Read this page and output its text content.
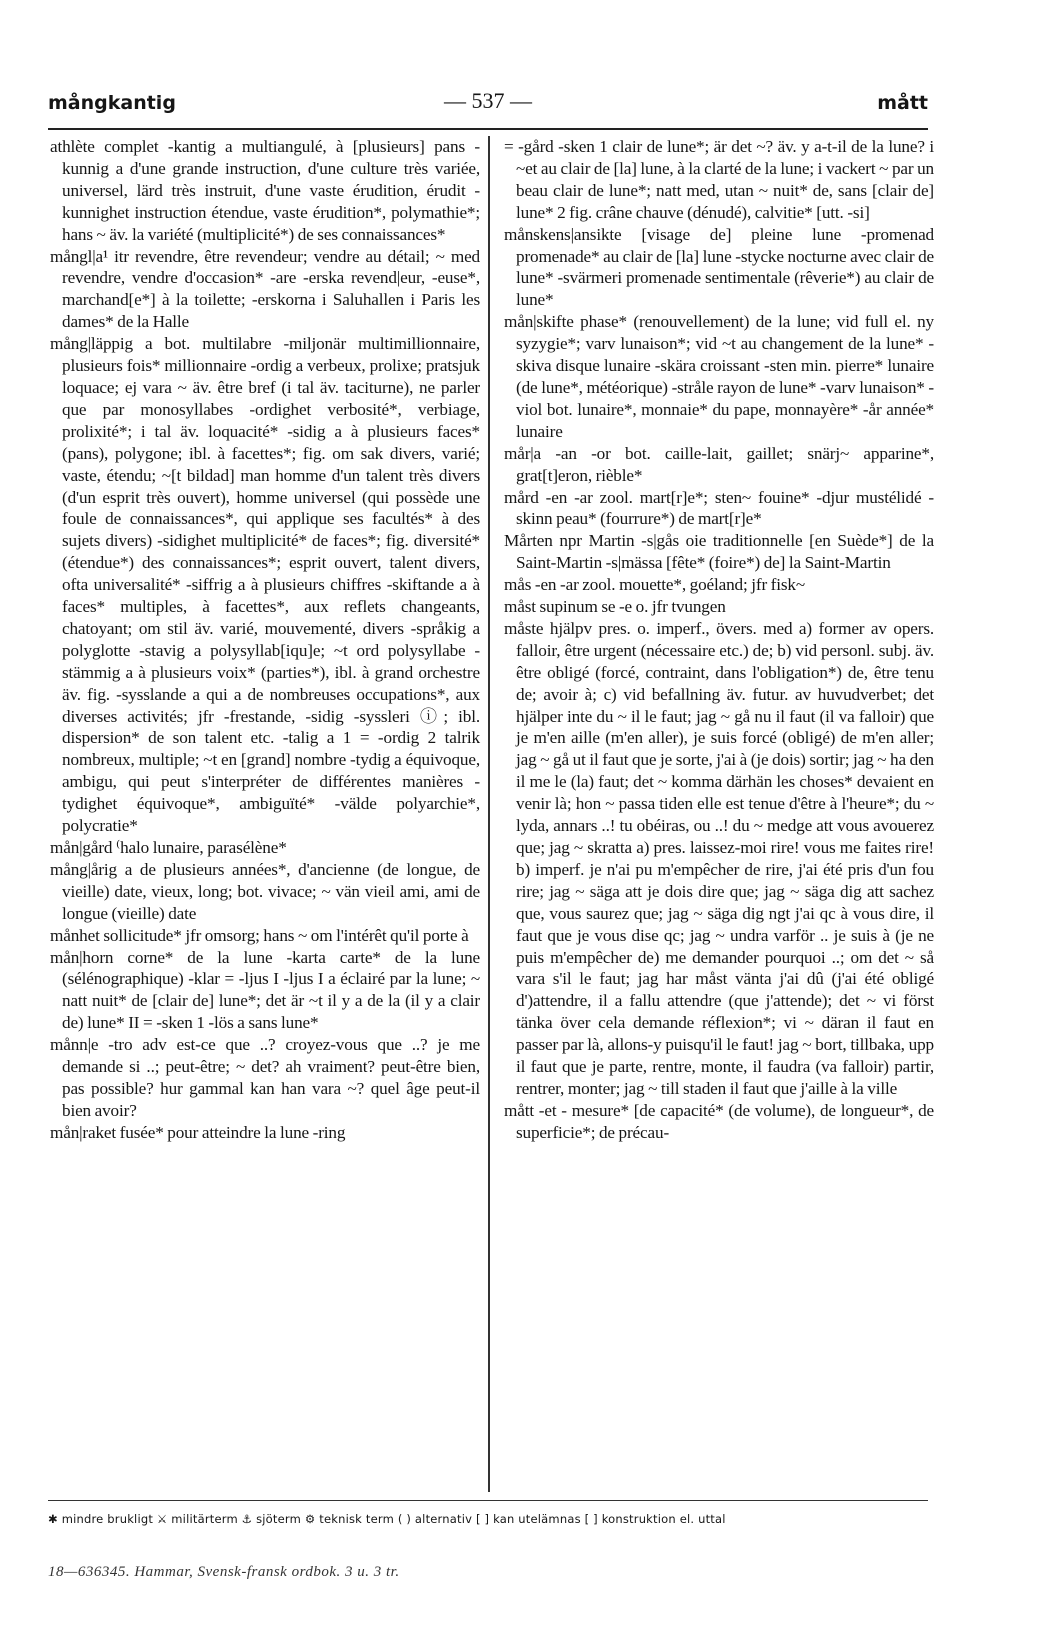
mångkantig	— 537 —	mått

athlète complet -kantig a multiangulé, à [plusieurs] pans -kunnig a d'une grande instruction, d'une culture très variée, universel, lärd très instruit, d'une vaste érudition, érudit -kunnighet instruction étendue, vaste érudition*, polymathie*; hans ~ äv. la variété (multiplicité*) de ses connaissances*

mångl|a¹ itr revendre, être revendeur; vendre au détail; ~ med revendre, vendre d'occasion* -are -erska revend|eur, -euse*, marchand[e*] à la toilette; -erskorna i Saluhallen i Paris les dames* de la Halle

mång|läppig a bot. multilabre -miljonär multimillionnaire, plusieurs fois* millionnaire -ordig a verbeux, prolixe; pratsjuk loquace; ej vara ~ äv. être bref (i tal äv. taciturne), ne parler que par monosyllabes -ordighet verbosité*, verbiage, prolixité*; i tal äv. loquacité* -sidig a à plusieurs faces* (pans), polygone; ibl. à facettes*; fig. om sak divers, varié; vaste, étendu; ~[t bildad] man homme d'un talent très divers (d'un esprit très ouvert), homme universel (qui possède une foule de connaissances*, qui applique ses facultés* à des sujets divers) -sidighet multiplicité* de faces*; fig. diversité* (étendue*) des connaissances*; esprit ouvert, talent divers, ofta universalité* -siffrig a à plusieurs chiffres -skiftande a à faces* multiples, à facettes*, aux reflets changeants, chatoyant; om stil äv. varié, mouvementé, divers -språkig a polyglotte -stavig a polysyllab[iqu]e; ~t ord polysyllabe -stämmig a à plusieurs voix* (parties*), ibl. à grand orchestre äv. fig. -sysslande a qui a de nombreuses occupations*, aux diverses activités; jfr -frestande, -sidig -syssleri ⓘ; ibl. dispersion* de son talent etc. -talig a 1 = -ordig 2 talrik nombreux, multiple; ~t en [grand] nombre -tydig a équivoque, ambigu, qui peut s'interpréter de différentes manières -tydighet équivoque*, ambiguïté* -välde polyarchie*, polycratie*

mån|gård ⁽halo lunaire, parasélène*

mång|årig a de plusieurs années*, d'ancienne (de longue, de vieille) date, vieux, long; bot. vivace; ~ vän vieil ami, ami de longue (vieille) date

månhet sollicitude* jfr omsorg; hans ~ om l'intérêt qu'il porte à

mån|horn corne* de la lune -karta carte* de la lune (sélénographique) -klar = -ljus I -ljus I a éclairé par la lune; ~ natt nuit* de [clair de] lune*; det är ~t il y a de la (il y a clair de) lune* II = -sken 1 -lös a sans lune*

månn|e -tro adv est-ce que ..? croyez-vous que ..? je me demande si ..; peut-être; ~ det? ah vraiment? peut-être bien, pas possible? hur gammal kan han vara ~? quel âge peut-il bien avoir?

mån|raket fusée* pour atteindre la lune -ring

= -gård -sken 1 clair de lune*; är det ~? äv. y a-t-il de la lune? i ~et au clair de [la] lune, à la clarté de la lune; i vackert ~ par un beau clair de lune*; natt med, utan ~ nuit* de, sans [clair de] lune* 2 fig. crâne chauve (dénudé), calvitie* [utt. -si]

månskens|ansikte [visage de] pleine lune -promenad promenade* au clair de [la] lune -stycke nocturne avec clair de lune* -svärmeri promenade sentimentale (rêverie*) au clair de lune*

mån|skifte phase* (renouvellement) de la lune; vid full el. ny syzygie*; varv lunaison*; vid ~t au changement de la lune* -skiva disque lunaire -skära croissant -sten min. pierre* lunaire (de lune*, météorique) -stråle rayon de lune* -varv lunaison* -viol bot. lunaire*, monnaie* du pape, monnayère* -år année* lunaire

mår|a -an -or bot. caille-lait, gaillet; snärj~ apparine*, grat[t]eron, rièble*

mård -en -ar zool. mart[r]e*; sten~ fouine* -djur mustélidé -skinn peau* (fourrure*) de mart[r]e*

Mårten npr Martin -s|gås oie traditionnelle [en Suède*] de la Saint-Martin -s|mässa [fête* (foire*) de] la Saint-Martin

mås -en -ar zool. mouette*, goéland; jfr fisk~

måst supinum se -e o. jfr tvungen

måste hjälpv pres. o. imperf., övers. med a) former av opers. falloir, être urgent (nécessaire etc.) de; b) vid personl. subj. äv. être obligé (forcé, contraint, dans l'obligation*) de, être tenu de; avoir à; c) vid befallning äv. futur. av huvudverbet; det hjälper inte du ~ il le faut; jag ~ gå nu il faut (il va falloir) que je m'en aille (m'en aller), je suis forcé (obligé) de m'en aller; jag ~ gå ut il faut que je sorte, j'ai à (je dois) sortir; jag ~ ha den il me le (la) faut; det ~ komma därhän les choses* devaient en venir là; hon ~ passa tiden elle est tenue d'être à l'heure*; du ~ lyda, annars ..! tu obéiras, ou ..! du ~ medge att vous avouerez que; jag ~ skratta a) pres. laissez-moi rire! vous me faites rire! b) imperf. je n'ai pu m'empêcher de rire, j'ai été pris d'un fou rire; jag ~ säga att je dois dire que; jag ~ säga dig att sachez que, vous saurez que; jag ~ säga dig ngt j'ai qc à vous dire, il faut que je vous dise qc; jag ~ undra varför .. je suis à (je ne puis m'empêcher de) me demander pourquoi ..; om det ~ så vara s'il le faut; jag har måst vänta j'ai dû (j'ai été obligé d')attendre, il a fallu attendre (que j'attende); det ~ vi först tänka över cela demande réflexion*; vi ~ däran il faut en passer par là, allons-y puisqu'il le faut! jag ~ bort, tillbaka, upp il faut que je parte, rentre, monte, il faudra (va falloir) partir, rentrer, monter; jag ~ till staden il faut que j'aille à la ville

mått -et - mesure* [de capacité* (de volume), de longueur*, de superficie*; de précau-

✱ mindre brukligt ⚔ militärterm ⚓ sjöterm ⚙ teknisk term ( ) alternativ [ ] kan utelämnas [ ] konstruktion el. uttal
18—636345. Hammar, Svensk-fransk ordbok. 3 u. 3 tr.
